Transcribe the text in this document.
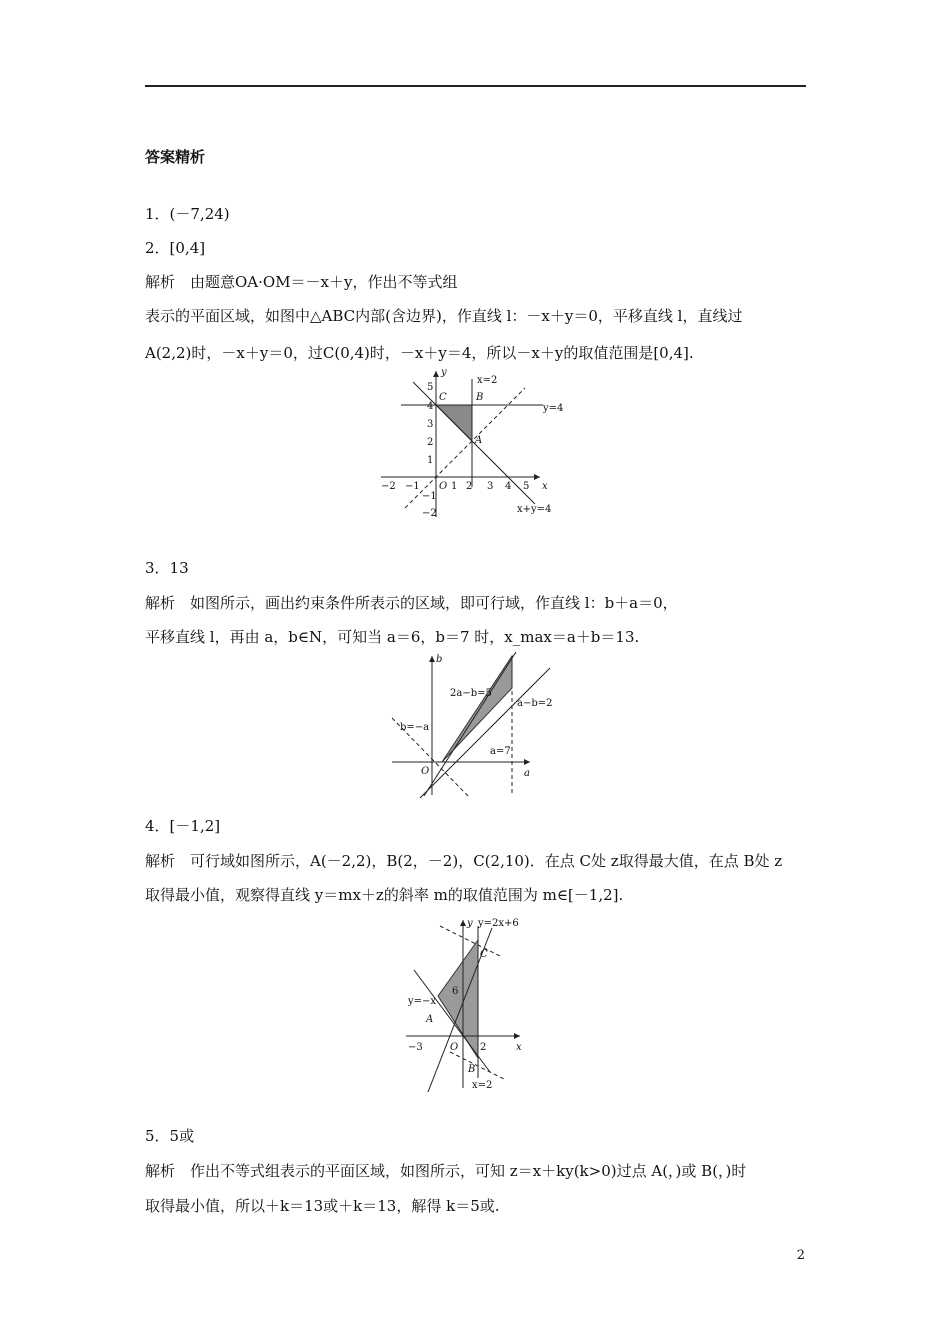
答案精析
1．(－7,24)
2．[0,4]
解析　由题意OA·OM＝－x＋y，作出不等式组
表示的平面区域，如图中△ABC内部(含边界)，作直线 l：－x＋y＝0，平移直线 l，直线过
A(2,2)时，－x＋y＝0，过C(0,4)时，－x＋y＝4，所以－x＋y的取值范围是[0,4].
−2 −1 O 1 2 3 4 5 x
y
5
4
3
2
1
−1
−2
A
B
C
x=2
y=4
x+y=4
3．13
解析　如图所示，画出约束条件所表示的区域，即可行域，作直线 l：b＋a＝0，
平移直线 l，再由 a，b∈N，可知当 a＝6，b＝7 时，x_max＝a＋b＝13.
b
a
O
2a−b=5
a−b=2
b=−a
a=7
4．[－1,2]
解析　可行域如图所示，A(－2,2)，B(2，－2)，C(2,10)．在点 C处 z取得最大值，在点 B处 z
取得最小值，观察得直线 y＝mx＋z的斜率 m的取值范围为 m∈[－1,2].
y
x
O
−3	2
6
A
B
C
y=2x+6
y=−x
x=2
5．5或
解析　作出不等式组表示的平面区域，如图所示，可知 z＝x＋ky(k>0)过点 A(，)或 B(，)时
取得最小值，所以＋k＝13或＋k＝13，解得 k＝5或.
2
